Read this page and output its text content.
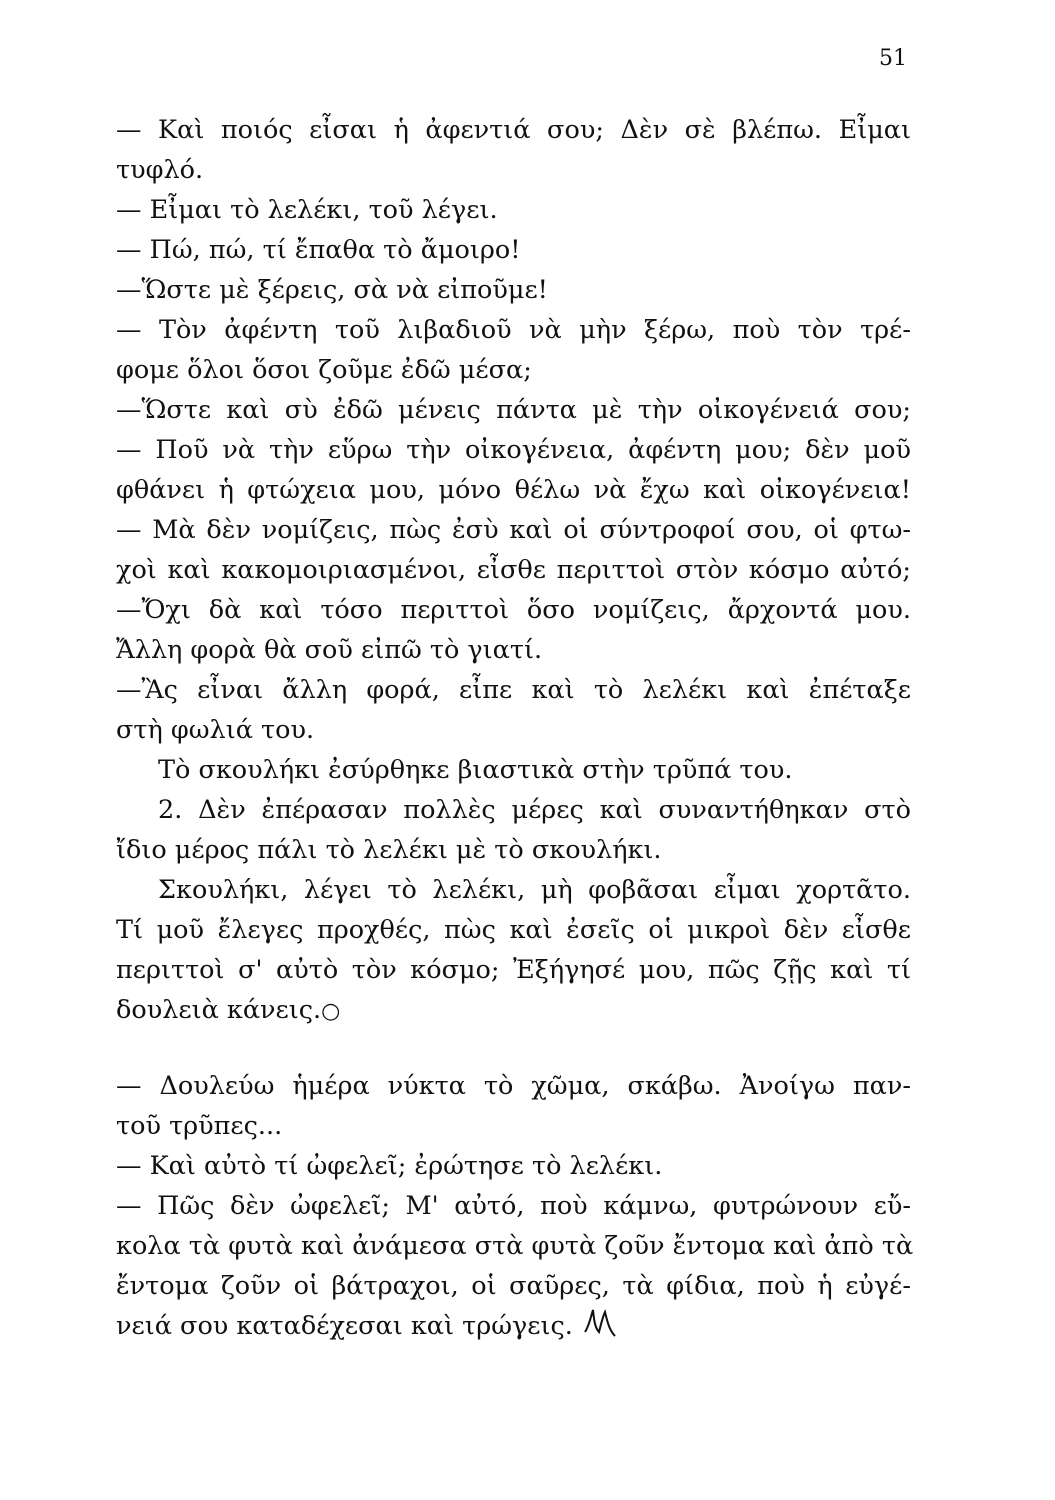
51
— Καὶ ποιός εἶσαι ἡ ἀφεντιά σου; Δὲν σὲ βλέπω. Εἶμαι
τυφλό.
— Εἶμαι τὸ λελέκι, τοῦ λέγει.
— Πώ, πώ, τί ἔπαθα τὸ ἄμοιρο!
—Ὥστε μὲ ξέρεις, σὰ νὰ εἰποῦμε!
— Τὸν ἀφέντη τοῦ λιβαδιοῦ νὰ μὴν ξέρω, ποὺ τὸν τρέ-
φομε ὅλοι ὅσοι ζοῦμε ἐδῶ μέσα;
—Ὥστε καὶ σὺ ἐδῶ μένεις πάντα μὲ τὴν οἰκογένειά σου;
— Ποῦ νὰ τὴν εὕρω τὴν οἰκογένεια, ἀφέντη μου; δὲν μοῦ
φθάνει ἡ φτώχεια μου, μόνο θέλω νὰ ἔχω καὶ οἰκογένεια!
— Μὰ δὲν νομίζεις, πὼς ἐσὺ καὶ οἱ σύντροφοί σου, οἱ φτω-
χοὶ καὶ κακομοιριασμένοι, εἶσθε περιττοὶ στὸν κόσμο αὐτό;
—Ὄχι δὰ καὶ τόσο περιττοὶ ὅσο νομίζεις, ἄρχοντά μου.
Ἄλλη φορὰ θὰ σοῦ εἰπῶ τὸ γιατί.
—Ἂς εἶναι ἄλλη φορά, εἶπε καὶ τὸ λελέκι καὶ ἐπέταξε
στὴ φωλιά του.
Τὸ σκουλήκι ἐσύρθηκε βιαστικὰ στὴν τρῦπά του.
2. Δὲν ἐπέρασαν πολλὲς μέρες καὶ συναντήθηκαν στὸ
ἴδιο μέρος πάλι τὸ λελέκι μὲ τὸ σκουλήκι.
Σκουλήκι, λέγει τὸ λελέκι, μὴ φοβᾶσαι εἶμαι χορτᾶτο.
Τί μοῦ ἔλεγες προχθές, πὼς καὶ ἐσεῖς οἱ μικροὶ δὲν εἶσθε
περιττοὶ σ' αὐτὸ τὸν κόσμο; Ἐξήγησέ μου, πῶς ζῇς καὶ τί
δουλειὰ κάνεις.○
— Δουλεύω ἡμέρα νύκτα τὸ χῶμα, σκάβω. Ἀνοίγω παν-
τοῦ τρῦπες...
— Καὶ αὐτὸ τί ὠφελεῖ; ἐρώτησε τὸ λελέκι.
— Πῶς δὲν ὠφελεῖ; Μ' αὐτό, ποὺ κάμνω, φυτρώνουν εὔ-
κολα τὰ φυτὰ καὶ ἀνάμεσα στὰ φυτὰ ζοῦν ἔντομα καὶ ἀπὸ τὰ
ἔντομα ζοῦν οἱ βάτραχοι, οἱ σαῦρες, τὰ φίδια, ποὺ ἡ εὐγέ-
νειά σου καταδέχεσαι καὶ τρώγεις.
